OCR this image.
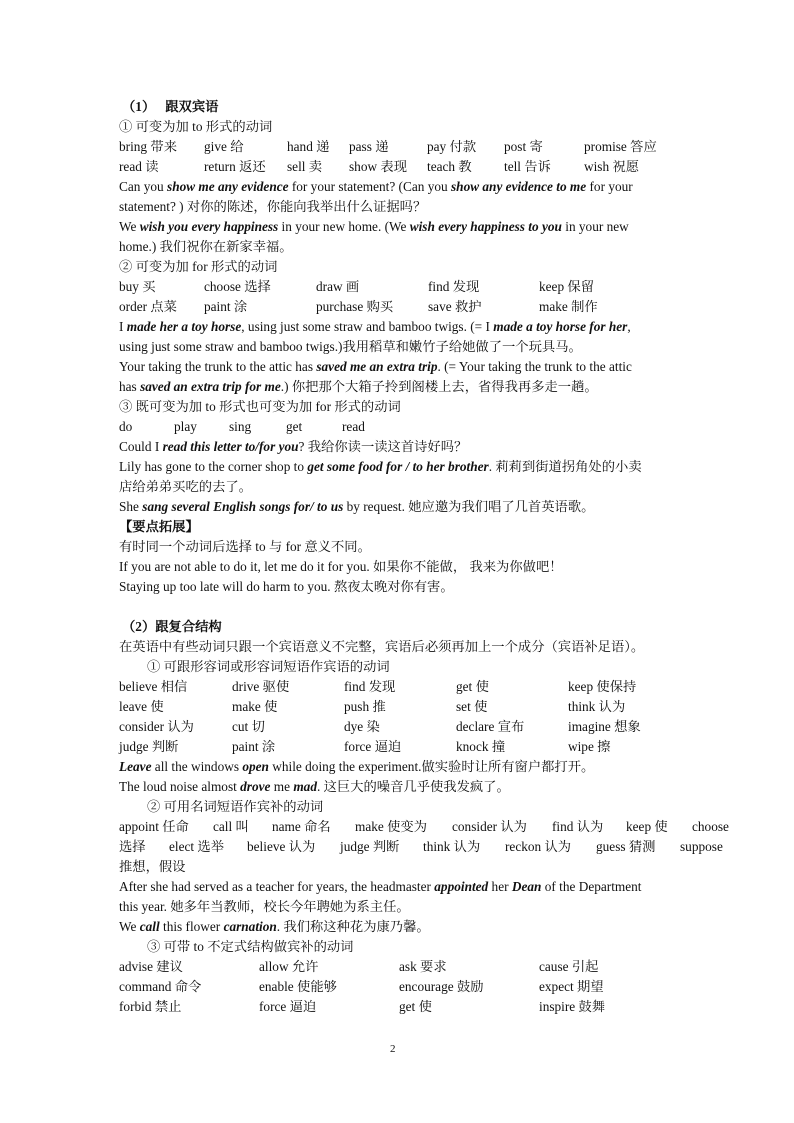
（1） 跟双宾语
① 可变为加 to 形式的动词
bring 带来 give 给	hand 递 pass 递	pay 付款 post 寄	promise 答应
read 读	return 返还 sell 卖 show 表现 teach 教 tell 告诉 wish 祝愿
Can you show me any evidence for your statement? (Can you show any evidence to me for your
statement? ) 对你的陈述，你能向我举出什么证据吗？
We wish you every happiness in your new home. (We wish every happiness to you in your new
home.) 我们祝你在新家幸福。
② 可变为加 for 形式的动词
buy 买	choose 选择	draw 画	find 发现	keep 保留
order 点菜 paint 涂	purchase 购买	save 救护	make 制作
I made her a toy horse, using just some straw and bamboo twigs. (= I made a toy horse for her,
using just some straw and bamboo twigs.)我用稻草和嫩竹子给她做了一个玩具马。
Your taking the trunk to the attic has saved me an extra trip. (= Your taking the trunk to the attic
has saved an extra trip for me.) 你把那个大箱子拎到阁楼上去，省得我再多走一趟。
③ 既可变为加 to 形式也可变为加 for 形式的动词
do	play sing	get	read
Could I read this letter to/for you? 我给你读一读这首诗好吗？
Lily has gone to the corner shop to get some food for / to her brother. 莉莉到街道拐角处的小卖
店给弟弟买吃的去了。
She sang several English songs for/ to us by request. 她应邀为我们唱了几首英语歌。
【要点拓展】
有时同一个动词后选择 to 与 for 意义不同。
If you are not able to do it, let me do it for you. 如果你不能做， 我来为你做吧！
Staying up too late will do harm to you. 熬夜太晚对你有害。
（2）跟复合结构
在英语中有些动词只跟一个宾语意义不完整，宾语后必须再加上一个成分（宾语补足语）。
① 可跟形容词或形容词短语作宾语的动词
believe 相信	drive 驱使	find 发现	get 使	keep 使保持
leave 使	make 使	push 推	set 使	think 认为
consider 认为	cut 切	dye 染	declare 宣布	imagine 想象
judge 判断	paint 涂	force 逼迫	knock 撞	wipe 擦
Leave all the windows open while doing the experiment.做实验时让所有窗户都打开。
The loud noise almost drove me mad. 这巨大的噪音几乎使我发疯了。
② 可用名词短语作宾补的动词
appoint 任命 call 叫 name 命名 make 使变为 consider 认为 find 认为 keep 使 choose
选择 elect 选举 believe 认为 judge 判断 think 认为 reckon 认为 guess 猜测 suppose
推想，假设
After she had served as a teacher for years, the headmaster appointed her Dean of the Department
this year. 她多年当教师，校长今年聘她为系主任。
We call this flower carnation. 我们称这种花为康乃馨。
③ 可带 to 不定式结构做宾补的动词
advise 建议	allow 允许	ask 要求	cause 引起
command 命令	enable 使能够	encourage 鼓励	expect 期望
forbid 禁止	force 逼迫	get 使	inspire 鼓舞
2
